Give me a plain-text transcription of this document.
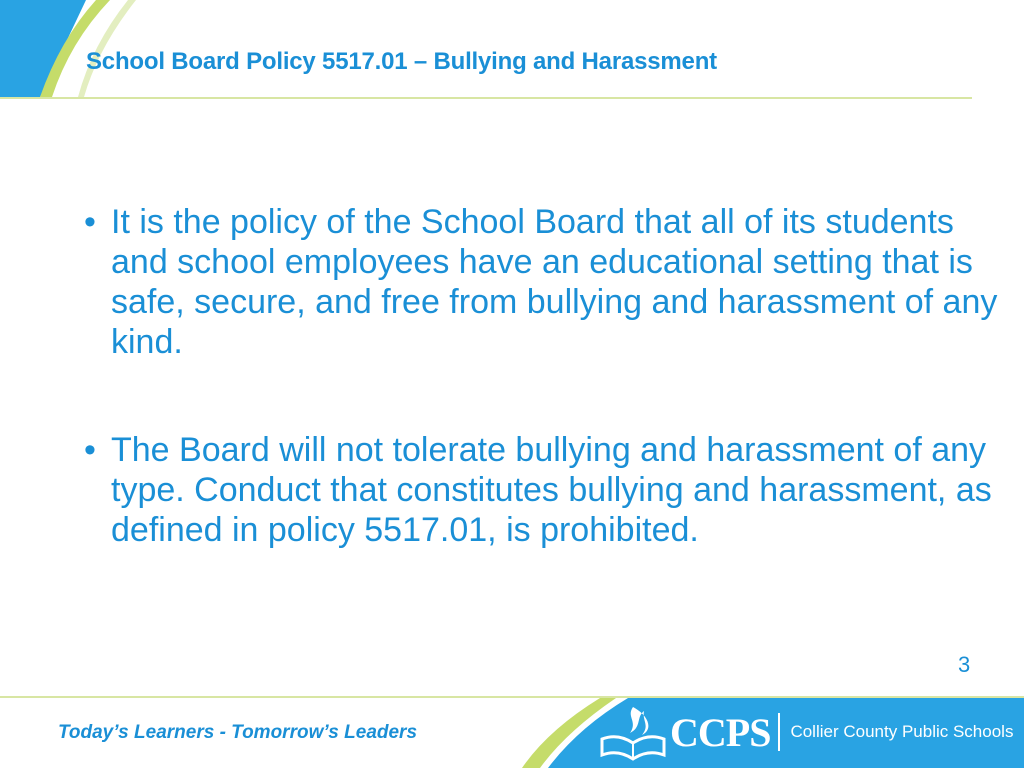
School Board Policy 5517.01 – Bullying and Harassment
• It is the policy of the School Board that all of its students and school employees have an educational setting that is safe, secure, and free from bullying and harassment of any kind.
• The Board will not tolerate bullying and harassment of any type. Conduct that constitutes bullying and harassment, as defined in policy 5517.01, is prohibited.
3
Today’s Learners - Tomorrow’s Leaders	CCPS Collier County Public Schools
